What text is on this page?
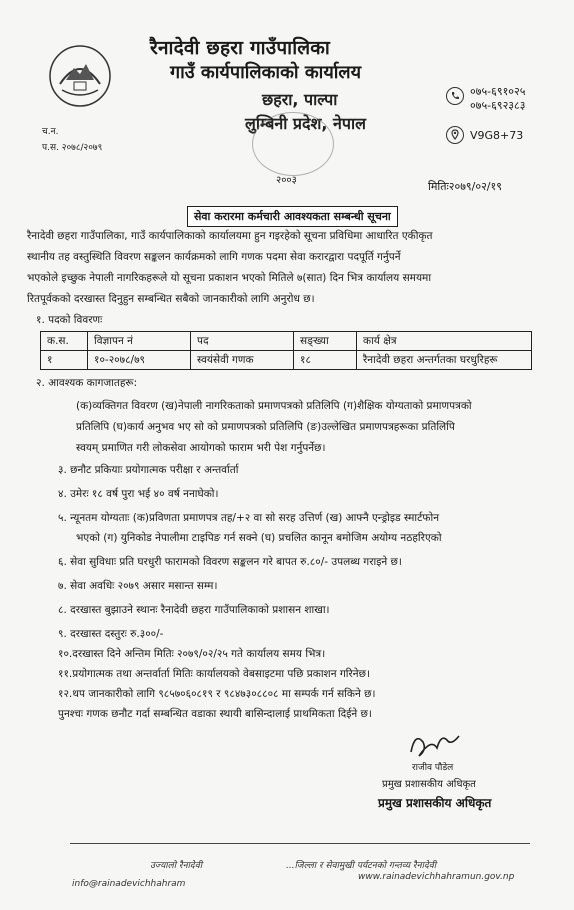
रैनादेवी छहरा गाउँपालिका
गाउँ कार्यपालिकाको कार्यालय
छहरा, पाल्पा
लुम्बिनी प्रदेश, नेपाल
०७५-६९१०२५
०७५-६९२३८३
V9G8+73
च.न.
प.स. २०७८/२०७९
२००३	मितिः२०७९/०२/१९
सेवा करारमा कर्मचारी आवश्यकता सम्बन्धी सूचना
रैनादेवी छहरा गाउँपालिका, गाउँ कार्यपालिकाको कार्यालयमा हुन गइरहेको सूचना प्रविधिमा आधारित एकीकृत
स्थानीय तह वस्तुस्थिति विवरण सङ्कलन कार्यक्रमको लागि गणक पदमा सेवा करारद्वारा पदपूर्ति गर्नुपर्ने
भएकोले इच्छुक नेपाली नागरिकहरूले यो सूचना प्रकाशन भएको मितिले ७(सात) दिन भित्र कार्यालय समयमा
रितपूर्वकको दरखास्त दिनुहुन सम्बन्धित सबैको जानकारीको लागि अनुरोध छ।
१. पदको विवरणः
क.स.	विज्ञापन नं	पद	सङ्ख्या	कार्य क्षेत्र
१	१०-२०७८/७९	स्वयंसेवी गणक	१८	रैनादेवी छहरा अन्तर्गतका घरधुरिहरू
२. आवश्यक कागजातहरू:
(क)व्यक्तिगत विवरण (ख)नेपाली नागरिकताको प्रमाणपत्रको प्रतिलिपि (ग)शैक्षिक योग्यताको प्रमाणपत्रको
प्रतिलिपि (घ)कार्य अनुभव भए सो को प्रमाणपत्रको प्रतिलिपि (ङ)उल्लेखित प्रमाणपत्रहरूका प्रतिलिपि
स्वयम् प्रमाणित गरी लोकसेवा आयोगको फाराम भरी पेश गर्नुपर्नेछ।
३. छनौट प्रकियाः प्रयोगात्मक परीक्षा र अन्तर्वार्ता
४. उमेरः १८ वर्ष पुरा भई ४० वर्ष ननाघेको।
५. न्यूनतम योग्यताः (क)प्रविणता प्रमाणपत्र तह/+२ वा सो सरह उत्तिर्ण (ख) आफ्नै एन्ड्रोइड स्मार्टफोन
भएको (ग) युनिकोड नेपालीमा टाइपिङ गर्न सक्ने (घ) प्रचलित कानून बमोजिम अयोग्य नठहरिएको
६. सेवा सुविधाः प्रति घरधुरी फारामको विवरण सङ्कलन गरे बापत रु.८०/- उपलब्ध गराइने छ।
७. सेवा अवधिः २०७९ असार मसान्त सम्म।
८. दरखास्त बुझाउने स्थानः रैनादेवी छहरा गाउँपालिकाको प्रशासन शाखा।
९. दरखास्त दस्तुरः रु.३००/-
१०.दरखास्त दिने अन्तिम मितिः २०७९/०२/२५ गते कार्यालय समय भित्र।
११.प्रयोगात्मक तथा अन्तर्वार्ता मितिः कार्यालयको वेबसाइटमा पछि प्रकाशन गरिनेछ।
१२.थप जानकारीको लागि ९८५७०६०८१९ र ९८४७३०८८०८ मा सम्पर्क गर्न सकिने छ।
पुनश्चः गणक छनौट गर्दा सम्बन्धित वडाका स्थायी बासिन्दालाई प्राथमिकता दिईने छ।
राजीव पौडेल
प्रमुख प्रशासकीय अधिकृत
प्रमुख प्रशासकीय अधिकृत
उज्यालो रैनादेवी	...जिल्ला र सेवामुखी पर्यटनको गन्तव्य रैनादेवी
info@rainadevichhahram
www.rainadevichhahramun.gov.np
